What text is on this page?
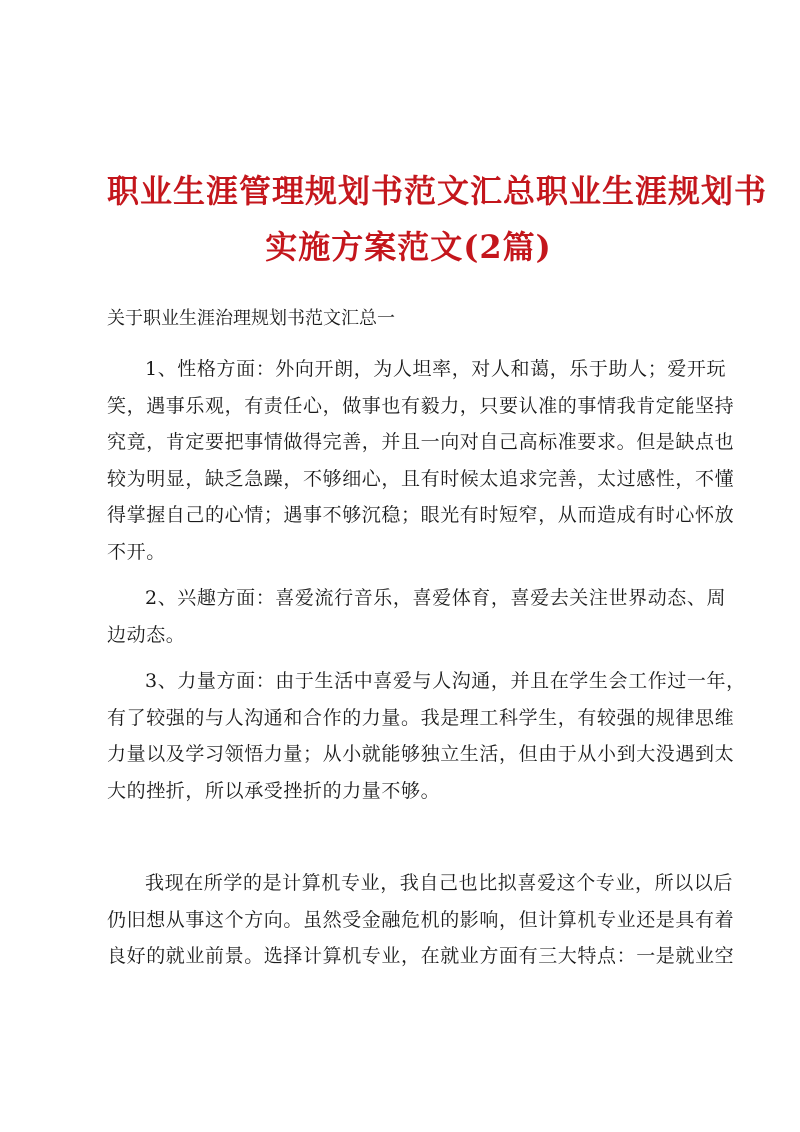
职业生涯管理规划书范文汇总职业生涯规划书
实施方案范文(2篇)
关于职业生涯治理规划书范文汇总一
1、性格方面：外向开朗，为人坦率，对人和蔼，乐于助人；爱开玩
笑，遇事乐观，有责任心，做事也有毅力，只要认准的事情我肯定能坚持
究竟，肯定要把事情做得完善，并且一向对自己高标准要求。但是缺点也
较为明显，缺乏急躁，不够细心，且有时候太追求完善，太过感性，不懂
得掌握自己的心情；遇事不够沉稳；眼光有时短窄，从而造成有时心怀放
不开。
2、兴趣方面：喜爱流行音乐，喜爱体育，喜爱去关注世界动态、周
边动态。
3、力量方面：由于生活中喜爱与人沟通，并且在学生会工作过一年，
有了较强的与人沟通和合作的力量。我是理工科学生，有较强的规律思维
力量以及学习领悟力量；从小就能够独立生活，但由于从小到大没遇到太
大的挫折，所以承受挫折的力量不够。
我现在所学的是计算机专业，我自己也比拟喜爱这个专业，所以以后
仍旧想从事这个方向。虽然受金融危机的影响，但计算机专业还是具有着
良好的就业前景。选择计算机专业，在就业方面有三大特点：一是就业空
